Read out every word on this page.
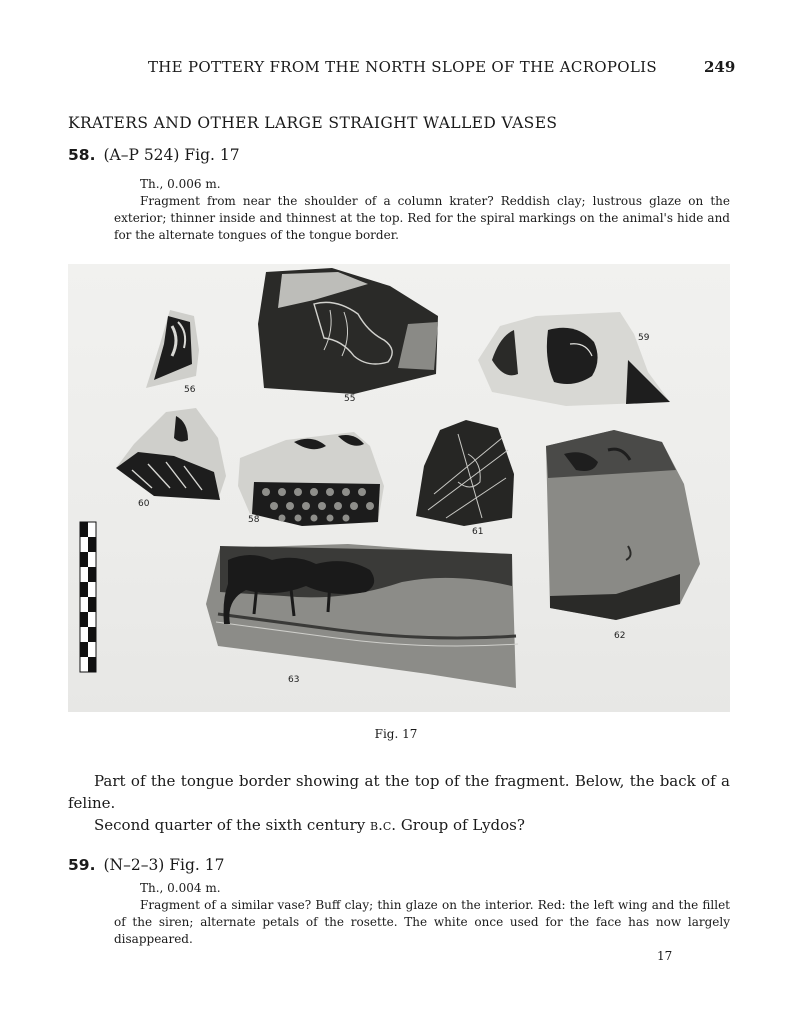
THE POTTERY FROM THE NORTH SLOPE OF THE ACROPOLIS	249
KRATERS AND OTHER LARGE STRAIGHT WALLED VASES
58. (A–P 524) Fig. 17
Th., 0.006 m.

Fragment from near the shoulder of a column krater? Reddish clay; lustrous glaze on the exterior; thinner inside and thinnest at the top. Red for the spiral markings on the animal's hide and for the alternate tongues of the tongue border.

56
55
59
60
58
61
62
63
Fig. 17

Part of the tongue border showing at the top of the fragment. Below, the back of a feline.

Second quarter of the sixth century b.c. Group of Lydos?

59. (N–2–3) Fig. 17
Th., 0.004 m.

Fragment of a similar vase? Buff clay; thin glaze on the interior. Red: the left wing and the fillet of the siren; alternate petals of the rosette. The white once used for the face has now largely disappeared.

17
